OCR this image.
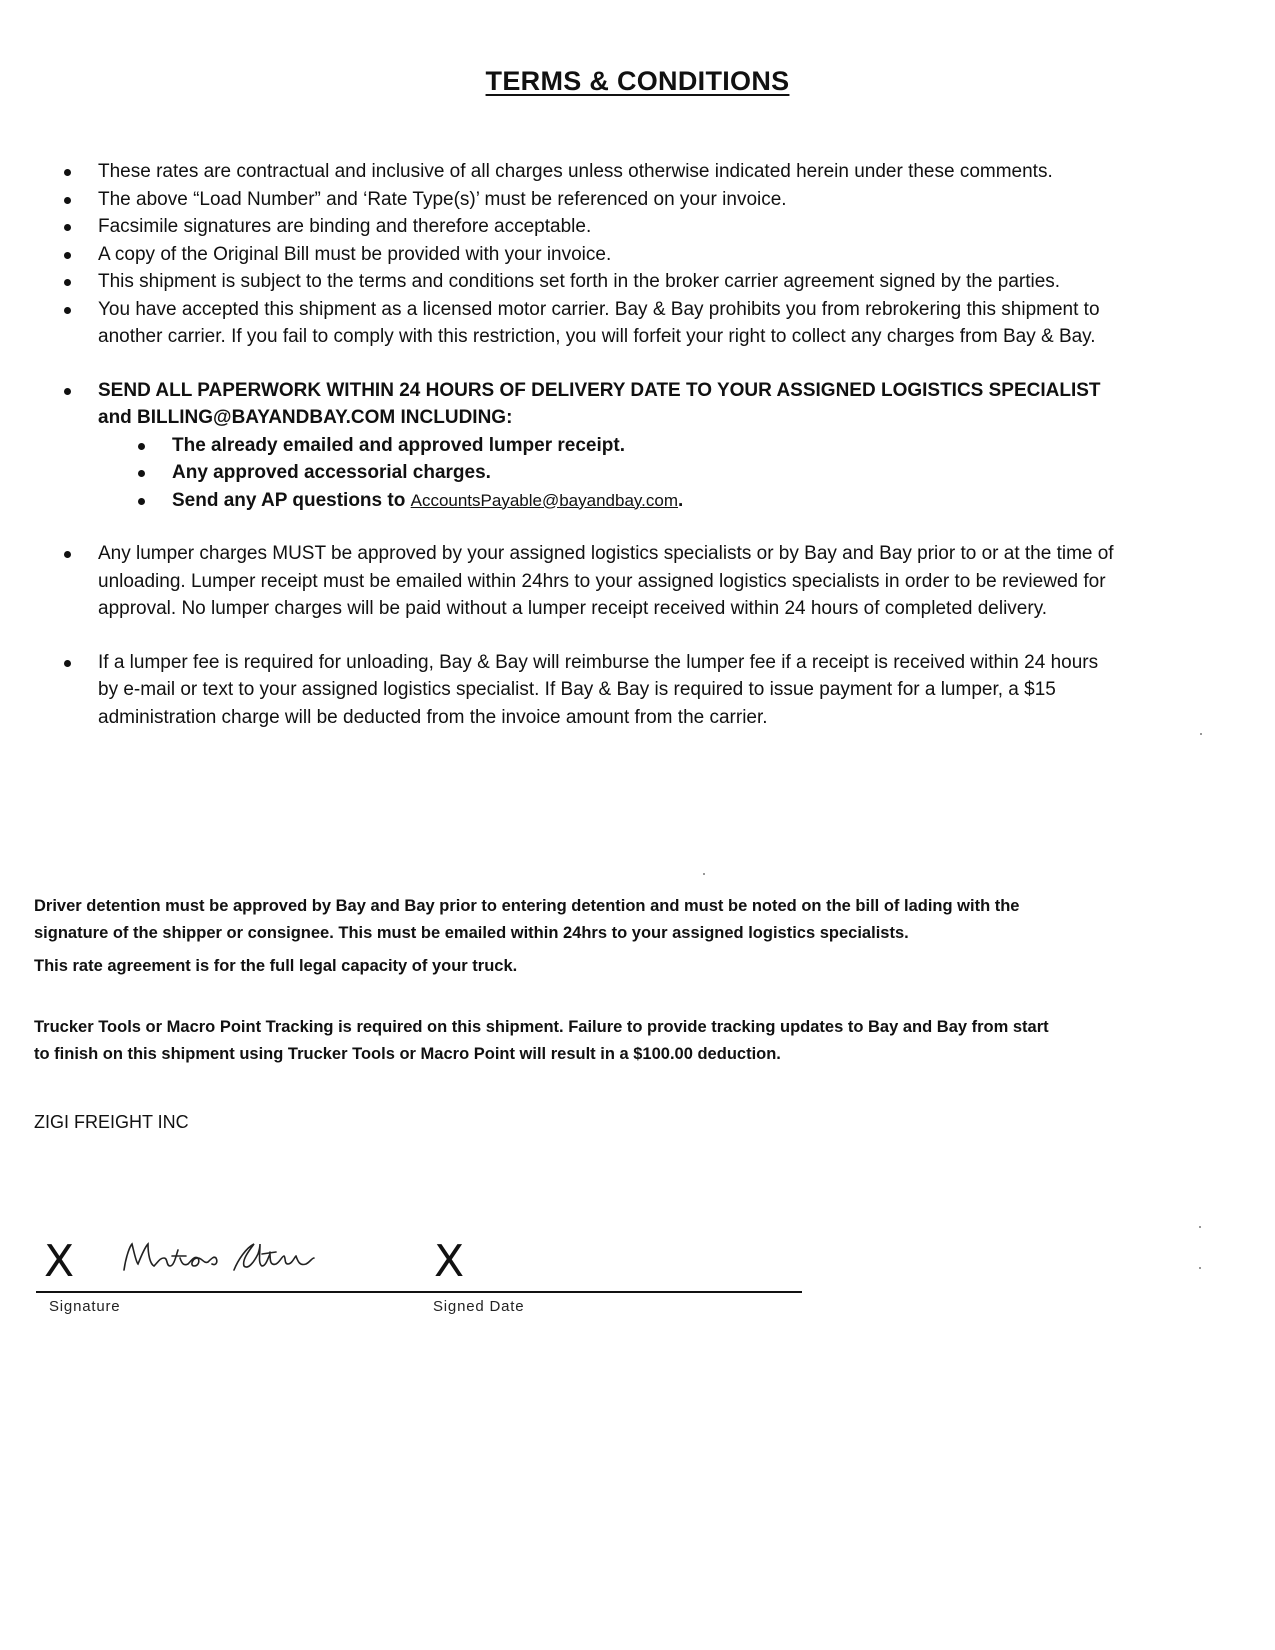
TERMS & CONDITIONS
These rates are contractual and inclusive of all charges unless otherwise indicated herein under these comments.
The above “Load Number” and ‘Rate Type(s)’ must be referenced on your invoice.
Facsimile signatures are binding and therefore acceptable.
A copy of the Original Bill must be provided with your invoice.
This shipment is subject to the terms and conditions set forth in the broker carrier agreement signed by the parties.
You have accepted this shipment as a licensed motor carrier. Bay & Bay prohibits you from rebrokering this shipment to another carrier. If you fail to comply with this restriction, you will forfeit your right to collect any charges from Bay & Bay.
SEND ALL PAPERWORK WITHIN 24 HOURS OF DELIVERY DATE TO YOUR ASSIGNED LOGISTICS SPECIALIST and BILLING@BAYANDBAY.COM INCLUDING:
The already emailed and approved lumper receipt.
Any approved accessorial charges.
Send any AP questions to AccountsPayable@bayandbay.com.
Any lumper charges MUST be approved by your assigned logistics specialists or by Bay and Bay prior to or at the time of unloading. Lumper receipt must be emailed within 24hrs to your assigned logistics specialists in order to be reviewed for approval. No lumper charges will be paid without a lumper receipt received within 24 hours of completed delivery.
If a lumper fee is required for unloading, Bay & Bay will reimburse the lumper fee if a receipt is received within 24 hours by e-mail or text to your assigned logistics specialist. If Bay & Bay is required to issue payment for a lumper, a $15 administration charge will be deducted from the invoice amount from the carrier.

Driver detention must be approved by Bay and Bay prior to entering detention and must be noted on the bill of lading with the signature of the shipper or consignee. This must be emailed within 24hrs to your assigned logistics specialists.

This rate agreement is for the full legal capacity of your truck.

Trucker Tools or Macro Point Tracking is required on this shipment. Failure to provide tracking updates to Bay and Bay from start to finish on this shipment using Trucker Tools or Macro Point will result in a $100.00 deduction.

ZIGI FREIGHT INC
X	X
Signature	Signed Date
